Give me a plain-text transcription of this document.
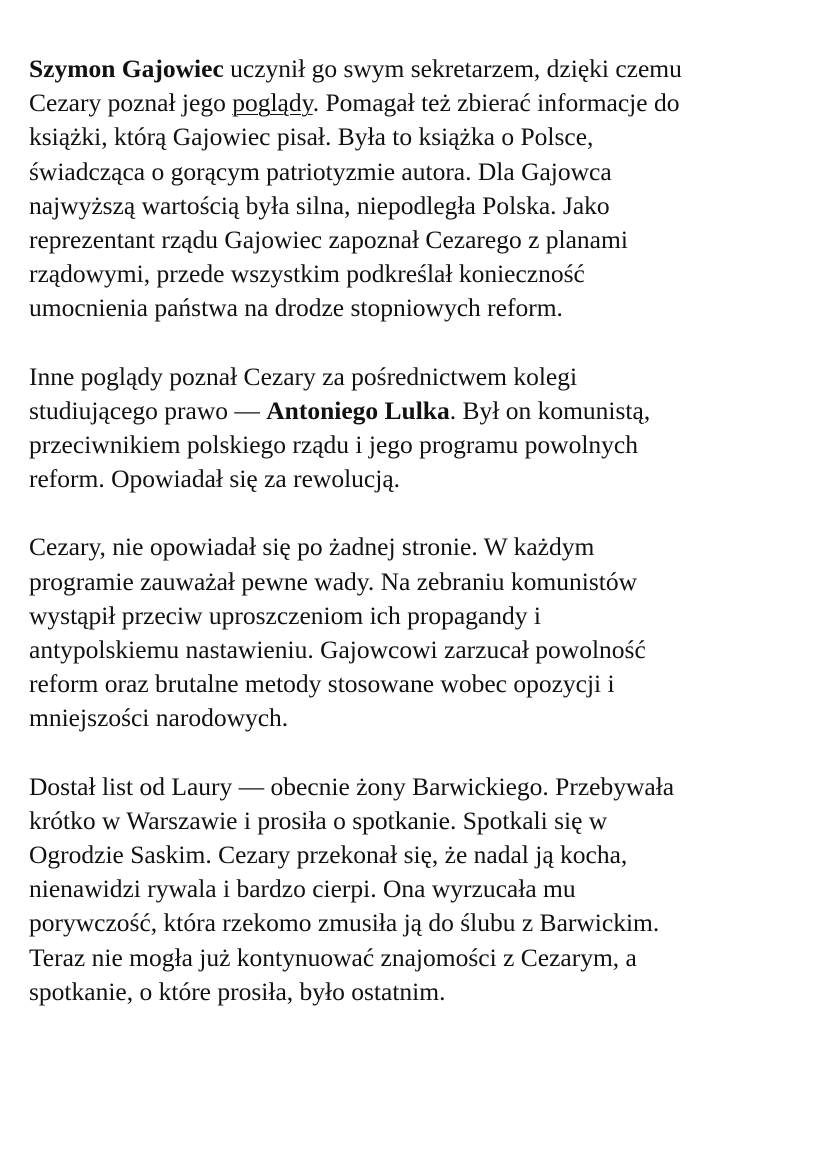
Szymon Gajowiec uczynił go swym sekretarzem, dzięki czemu
Cezary poznał jego poglądy. Pomagał też zbierać informacje do
książki, którą Gajowiec pisał. Była to książka o Polsce,
świadcząca o gorącym patriotyzmie autora. Dla Gajowca
najwyższą wartością była silna, niepodległa Polska. Jako
reprezentant rządu Gajowiec zapoznał Cezarego z planami
rządowymi, przede wszystkim podkreślał konieczność
umocnienia państwa na drodze stopniowych reform.

Inne poglądy poznał Cezary za pośrednictwem kolegi
studiującego prawo — Antoniego Lulka. Był on komunistą,
przeciwnikiem polskiego rządu i jego programu powolnych
reform. Opowiadał się za rewolucją.

Cezary, nie opowiadał się po żadnej stronie. W każdym
programie zauważał pewne wady. Na zebraniu komunistów
wystąpił przeciw uproszczeniom ich propagandy i
antypolskiemu nastawieniu. Gajowcowi zarzucał powolność
reform oraz brutalne metody stosowane wobec opozycji i
mniejszości narodowych.

Dostał list od Laury — obecnie żony Barwickiego. Przebywała
krótko w Warszawie i prosiła o spotkanie. Spotkali się w
Ogrodzie Saskim. Cezary przekonał się, że nadal ją kocha,
nienawidzi rywala i bardzo cierpi. Ona wyrzucała mu
porywczość, która rzekomo zmusiła ją do ślubu z Barwickim.
Teraz nie mogła już kontynuować znajomości z Cezarym, a
spotkanie, o które prosiła, było ostatnim.
